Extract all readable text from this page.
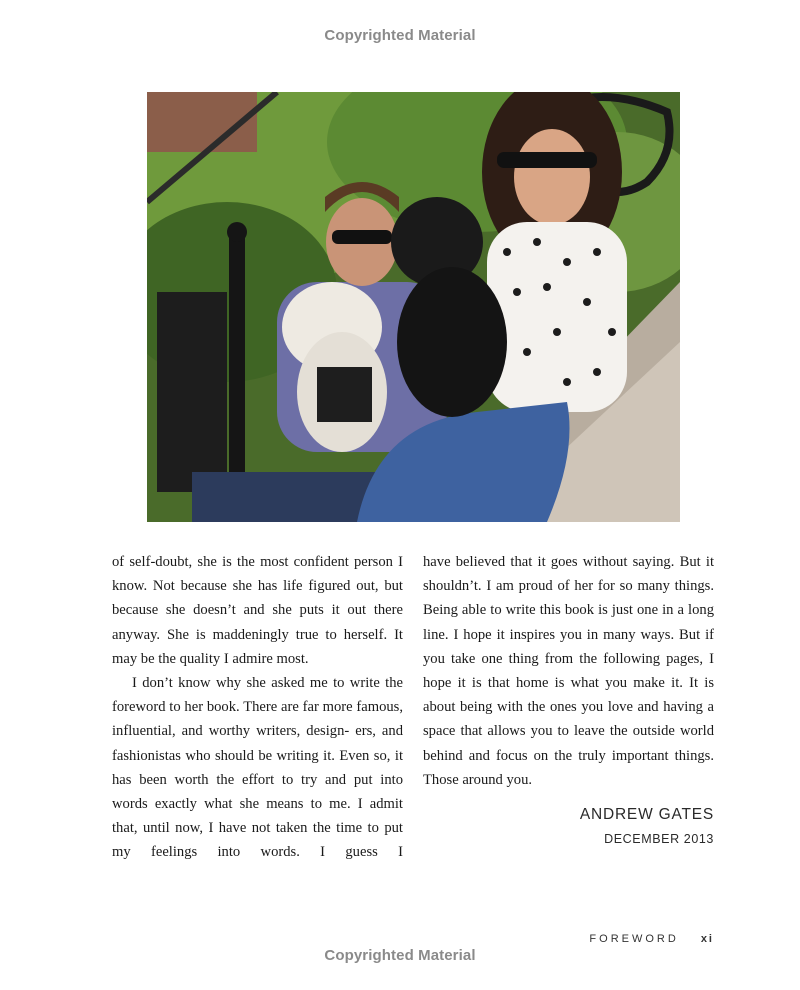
Copyrighted Material

of self-doubt, she is the most confident person I know. Not because she has life figured out, but because she doesn’t and she puts it out there anyway. She is maddeningly true to herself. It may be the quality I admire most.

I don’t know why she asked me to write the foreword to her book. There are far more famous, influential, and worthy writers, design- ers, and fashionistas who should be writing it. Even so, it has been worth the effort to try and put into words exactly what she means to me. I admit that, until now, I have not taken the time to put my feelings into words. I guess I

have believed that it goes without saying. But it shouldn’t. I am proud of her for so many things. Being able to write this book is just one in a long line. I hope it inspires you in many ways. But if you take one thing from the following pages, I hope it is that home is what you make it. It is about being with the ones you love and having a space that allows you to leave the outside world behind and focus on the truly important things. Those around you.

ANDREW GATES
DECEMBER 2013
FOREWORD xi
Copyrighted Material
